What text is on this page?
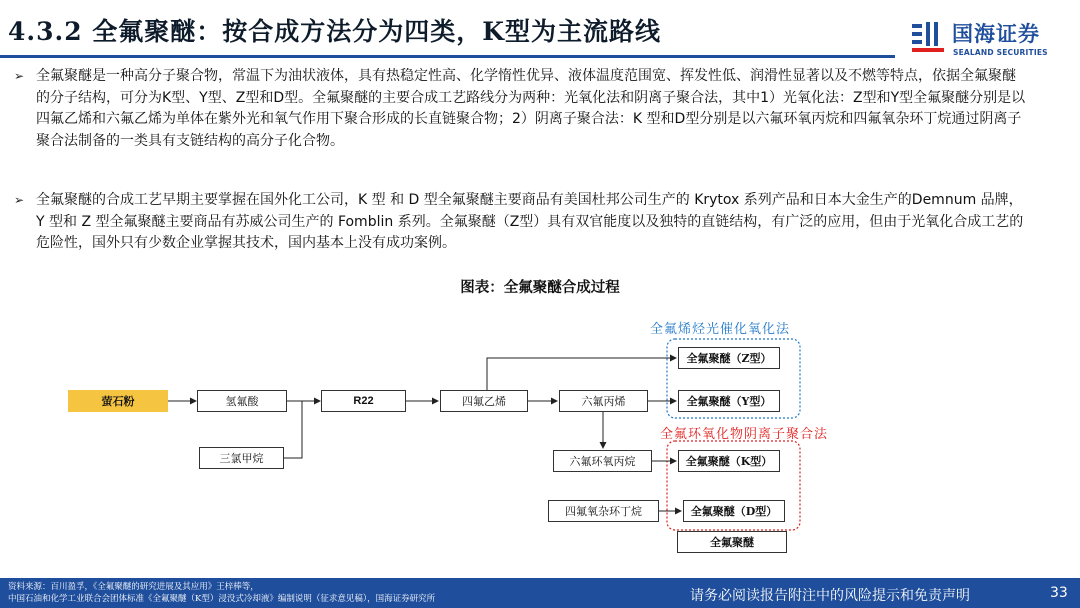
4.3.2 全氟聚醚：按合成方法分为四类，K型为主流路线	国海证券
SEALAND SECURITIES
➢ 全氟聚醚是一种高分子聚合物，常温下为油状液体，具有热稳定性高、化学惰性优异、液体温度范围宽、挥发性低、润滑性显著以及不燃等特点，依据全氟聚醚的分子结构，可分为K型、Y型、Z型和D型。全氟聚醚的主要合成工艺路线分为两种：光氧化法和阴离子聚合法，其中1）光氧化法：Z型和Y型全氟聚醚分别是以四氟乙烯和六氟乙烯为单体在紫外光和氧气作用下聚合形成的长直链聚合物；2）阴离子聚合法：K 型和D型分别是以六氟环氧丙烷和四氟氧杂环丁烷通过阴离子聚合法制备的一类具有支链结构的高分子化合物。

➢ 全氟聚醚的合成工艺早期主要掌握在国外化工公司，K 型 和 D 型全氟聚醚主要商品有美国杜邦公司生产的 Krytox 系列产品和日本大金生产的Demnum 品牌，Y 型和 Z 型全氟聚醚主要商品有苏威公司生产的 Fomblin 系列。全氟聚醚（Z型）具有双官能度以及独特的直链结构，有广泛的应用，但由于光氧化合成工艺的危险性，国外只有少数企业掌握其技术，国内基本上没有成功案例。

图表：全氟聚醚合成过程
萤石粉	氢氟酸
三氯甲烷
R22	四氟乙烯	六氟丙烯
六氟环氧丙烷
四氟氧杂环丁烷
全氟聚醚（Z型）
全氟聚醚（Y型）
全氟聚醚（K型）
全氟聚醚（D型）
全氟聚醚
全氟烯烃光催化氧化法
全氟环氧化物阴离子聚合法
资料来源：百川盈孚，《全氟聚醚的研究进展及其应用》王梓棒等，
中国石油和化学工业联合会团体标准《全氟聚醚（K型）浸没式冷却液》编制说明（征求意见稿），国海证券研究所	请务必阅读报告附注中的风险提示和免责声明	33
